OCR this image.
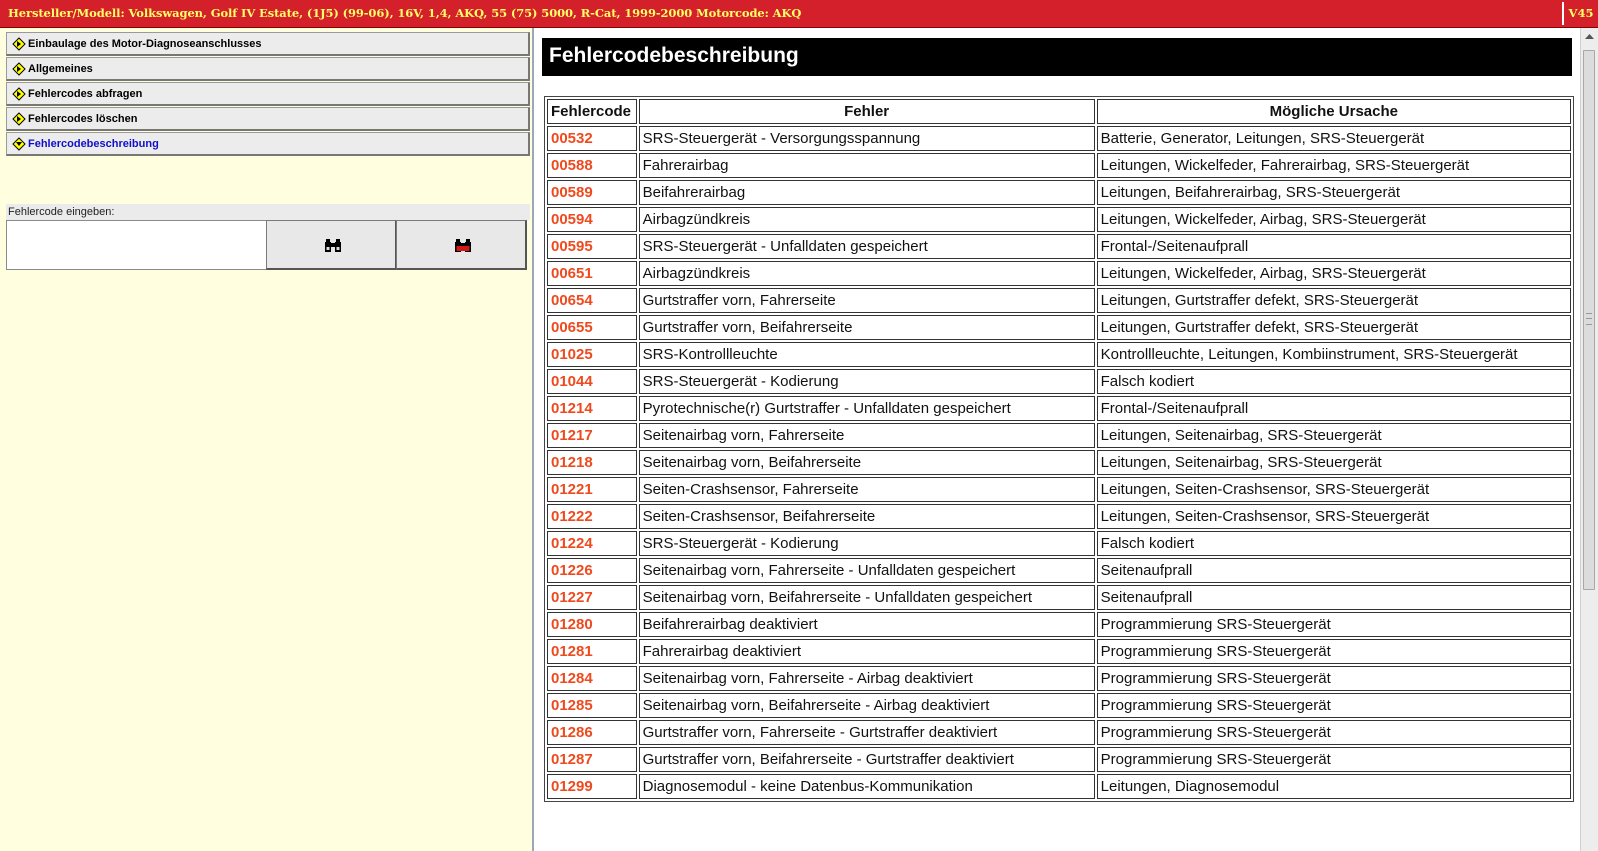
Hersteller/Modell: Volkswagen, Golf IV Estate, (1J5) (99-06), 16V, 1,4, AKQ, 55 (75) 5000, R-Cat, 1999-2000 Motorcode: AKQ	V45
Einbaulage des Motor-Diagnoseanschlusses
Allgemeines
Fehlercodes abfragen
Fehlercodes löschen
Fehlercodebeschreibung
Fehlercode eingeben:
Fehlercodebeschreibung
Fehlercode	Fehler	Mögliche Ursache
00532	SRS-Steuergerät - Versorgungsspannung	Batterie, Generator, Leitungen, SRS-Steuergerät
00588	Fahrerairbag	Leitungen, Wickelfeder, Fahrerairbag, SRS-Steuergerät
00589	Beifahrerairbag	Leitungen, Beifahrerairbag, SRS-Steuergerät
00594	Airbagzündkreis	Leitungen, Wickelfeder, Airbag, SRS-Steuergerät
00595	SRS-Steuergerät - Unfalldaten gespeichert	Frontal-/Seitenaufprall
00651	Airbagzündkreis	Leitungen, Wickelfeder, Airbag, SRS-Steuergerät
00654	Gurtstraffer vorn, Fahrerseite	Leitungen, Gurtstraffer defekt, SRS-Steuergerät
00655	Gurtstraffer vorn, Beifahrerseite	Leitungen, Gurtstraffer defekt, SRS-Steuergerät
01025	SRS-Kontrollleuchte	Kontrollleuchte, Leitungen, Kombiinstrument, SRS-Steuergerät
01044	SRS-Steuergerät - Kodierung	Falsch kodiert
01214	Pyrotechnische(r) Gurtstraffer - Unfalldaten gespeichert	Frontal-/Seitenaufprall
01217	Seitenairbag vorn, Fahrerseite	Leitungen, Seitenairbag, SRS-Steuergerät
01218	Seitenairbag vorn, Beifahrerseite	Leitungen, Seitenairbag, SRS-Steuergerät
01221	Seiten-Crashsensor, Fahrerseite	Leitungen, Seiten-Crashsensor, SRS-Steuergerät
01222	Seiten-Crashsensor, Beifahrerseite	Leitungen, Seiten-Crashsensor, SRS-Steuergerät
01224	SRS-Steuergerät - Kodierung	Falsch kodiert
01226	Seitenairbag vorn, Fahrerseite - Unfalldaten gespeichert	Seitenaufprall
01227	Seitenairbag vorn, Beifahrerseite - Unfalldaten gespeichert	Seitenaufprall
01280	Beifahrerairbag deaktiviert	Programmierung SRS-Steuergerät
01281	Fahrerairbag deaktiviert	Programmierung SRS-Steuergerät
01284	Seitenairbag vorn, Fahrerseite - Airbag deaktiviert	Programmierung SRS-Steuergerät
01285	Seitenairbag vorn, Beifahrerseite - Airbag deaktiviert	Programmierung SRS-Steuergerät
01286	Gurtstraffer vorn, Fahrerseite - Gurtstraffer deaktiviert	Programmierung SRS-Steuergerät
01287	Gurtstraffer vorn, Beifahrerseite - Gurtstraffer deaktiviert	Programmierung SRS-Steuergerät
01299	Diagnosemodul - keine Datenbus-Kommunikation	Leitungen, Diagnosemodul
